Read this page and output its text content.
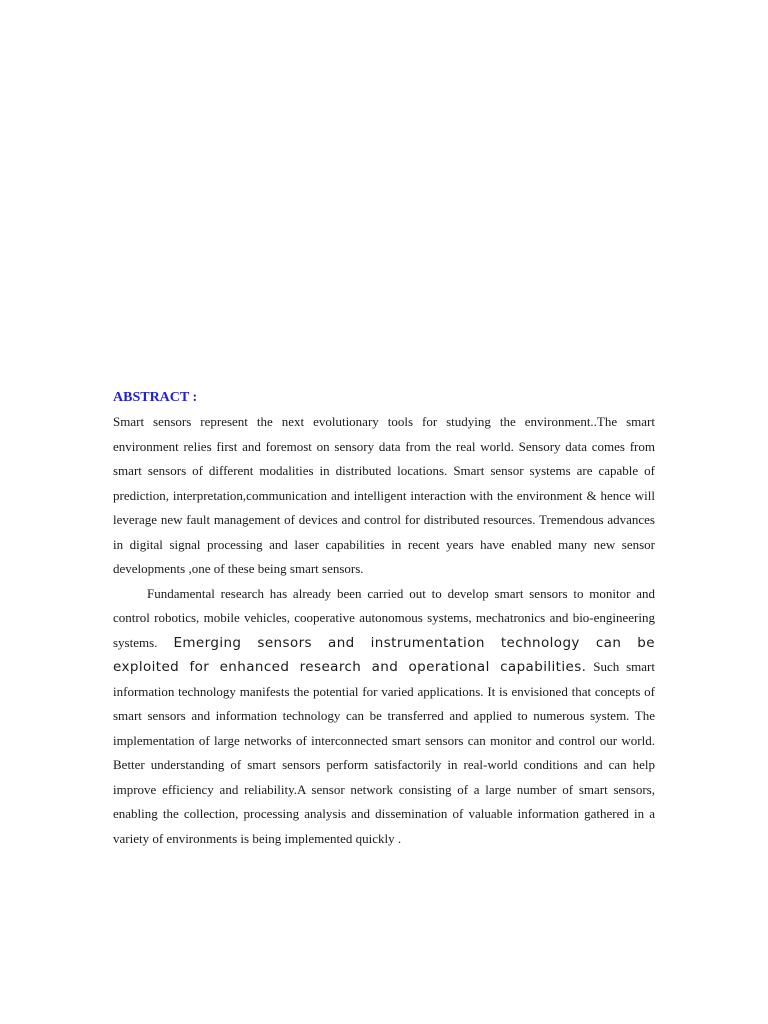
ABSTRACT :

Smart sensors represent the next evolutionary tools for studying the environment..The smart environment relies first and foremost on sensory data from the real world. Sensory data comes from smart sensors of different modalities in distributed locations. Smart sensor systems are capable of prediction, interpretation,communication and intelligent interaction with the environment & hence will leverage new fault management of devices and control for distributed resources. Tremendous advances in digital signal processing and laser capabilities in recent years have enabled many new sensor developments ,one of these being smart sensors.

Fundamental research has already been carried out to develop smart sensors to monitor and control robotics, mobile vehicles, cooperative autonomous systems, mechatronics and bio-engineering systems. Emerging sensors and instrumentation technology can be exploited for enhanced research and operational capabilities. Such smart information technology manifests the potential for varied applications. It is envisioned that concepts of smart sensors and information technology can be transferred and applied to numerous system. The implementation of large networks of interconnected smart sensors can monitor and control our world. Better understanding of smart sensors perform satisfactorily in real-world conditions and can help improve efficiency and reliability.A sensor network consisting of a large number of smart sensors, enabling the collection, processing analysis and dissemination of valuable information gathered in a variety of environments is being implemented quickly .
